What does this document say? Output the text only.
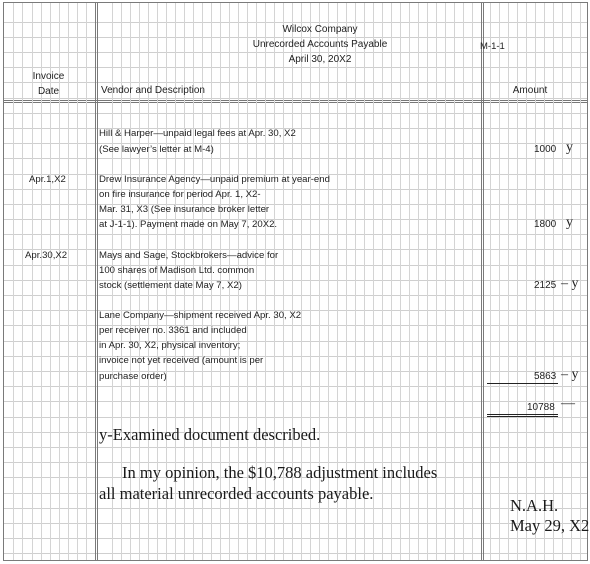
Wilcox Company
Unrecorded Accounts Payable
April 30, 20X2
M-1-1
Invoice
Date	Vendor and Description	Amount
Hill & Harper—unpaid legal fees at Apr. 30, X2
(See lawyer’s letter at M-4)	1000 y
Apr.1,X2	Drew Insurance Agency—unpaid premium at year-end
on fire insurance for period Apr. 1, X2-
Mar. 31, X3 (See insurance broker letter
at J-1-1). Payment made on May 7, 20X2.	1800 y
Apr.30,X2	Mays and Sage, Stockbrokers—advice for
100 shares of Madison Ltd. common
stock (settlement date May 7, X2)	2125 – y
Lane Company—shipment received Apr. 30, X2
per receiver no. 3361 and included
in Apr. 30, X2, physical inventory;
invoice not yet received (amount is per
purchase order)	5863 – y
10788 —
y-Examined document described.
In my opinion, the $10,788 adjustment includes
all material unrecorded accounts payable.
N.A.H.
May 29, X2
